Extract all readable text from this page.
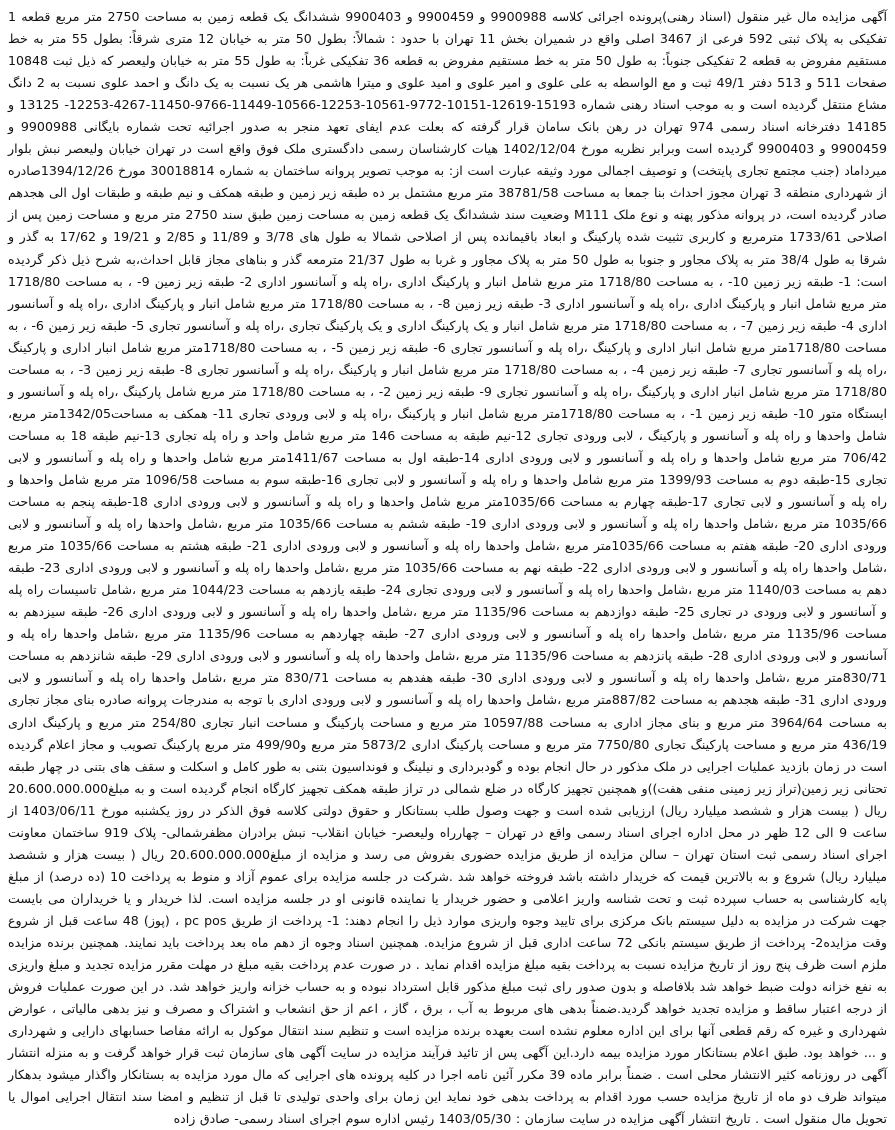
آگهی مزایده مال غیر منقول (اسناد رهنی)پرونده اجرائی کلاسه 9900988 و 9900459 و 9900403 ششدانگ یک قطعه زمین به مساحت 2750 متر مربع قطعه 1 تفکیکی به پلاک ثبتی 592 فرعی از 3467 اصلی واقع در شمیران بخش 11 تهران با حدود : شمالاً: بطول 50 متر به خیابان 12 متری شرقاً: بطول 55 متر به خط مستقیم مفروض به قطعه 2 تفکیکی جنوباً: به طول 50 متر به خط مستقیم مفروض به قطعه 36 تفکیکی غرباً: به طول 55 متر به خیابان ولیعصر که ذیل ثبت 10848 صفحات 511 و 513 دفتر 49/1 ثبت و مع الواسطه به علی علوی و امیر علوی و امید علوی و میترا هاشمی هر یک نسبت به یک دانگ و احمد علوی نسبت به 2 دانگ مشاع منتقل گردیده است و به موجب اسناد رهنی شماره 15193-12619-10151-9772-10561-12253-10566-11449-9766-11450-4267-12253- 13125 و 14185 دفترخانه اسناد رسمی 974 تهران در رهن بانک سامان قرار گرفته که بعلت عدم ایفای تعهد منجر به صدور اجرائیه تحت شماره بایگانی 9900988 و 9900459 و 9900403 گردیده است وبرابر نظریه مورخ 1402/12/04 هیات کارشناسان رسمی دادگستری ملک فوق واقع است در تهران خیابان ولیعصر نبش بلوار میرداماد (جنب مجتمع تجاری پایتخت) و توصیف اجمالی مورد وثیقه عبارت است از: به موجب تصویر پروانه ساختمان به شماره 30018814 مورخ 1394/12/26صادره از شهرداری منطقه 3 تهران مجوز احداث بنا جمعا به مساحت 38781/58 متر مربع مشتمل بر ده طبقه زیر زمین و طبقه همکف و نیم طبقه و طبقات اول الی هجدهم صادر گردیده است، در پروانه مذکور پهنه و نوع ملک M111 وضعیت سند ششدانگ یک قطعه زمین به مساحت زمین طبق سند 2750 متر مربع و مساحت زمین پس از اصلاحی 1733/61 مترمربع و کاربری تثبیت شده پارکینگ و ابعاد باقیمانده پس از اصلاحی شمالا به طول های 3/78 و 11/89 و 2/85 و 19/21 و 17/62 به گذر و شرقا به طول 38/4 متر به پلاک مجاور و جنوبا به طول 50 متر به پلاک مجاور و غربا به طول 21/37 مترمعه گذر و بناهای مجاز قابل احداث،به شرح ذیل ذکر گردیده است: 1- طبقه زیر زمین 10- ، به مساحت 1718/80 متر مربع شامل انبار و پارکینگ اداری ،راه پله و آسانسور اداری 2- طبقه زیر زمین 9- ، به مساحت 1718/80 متر مربع شامل انبار و پارکینگ اداری ،راه پله و آسانسور اداری 3- طبقه زیر زمین 8- ، به مساحت 1718/80 متر مربع شامل انبار و پارکینگ اداری ،راه پله و آسانسور اداری 4- طبقه زیر زمین 7- ، به مساحت 1718/80 متر مربع شامل انبار و یک پارکینگ اداری و یک پارکینگ تجاری ،راه پله و آسانسور تجاری 5- طبقه زیر زمین 6- ، به مساحت 1718/80متر مربع شامل انبار اداری و پارکینگ ،راه پله و آسانسور تجاری 6- طبقه زیر زمین 5- ، به مساحت 1718/80متر مربع شامل انبار اداری و پارکینگ ،راه پله و آسانسور تجاری 7- طبقه زیر زمین 4- ، به مساحت 1718/80 متر مربع شامل انبار و پارکینگ ،راه پله و آسانسور تجاری 8- طبقه زیر زمین 3- ، به مساحت 1718/80 متر مربع شامل انبار اداری و پارکینگ ،راه پله و آسانسور تجاری 9- طبقه زیر زمین 2- ، به مساحت 1718/80 متر مربع شامل پارکینگ ،راه پله و آسانسور و ایستگاه متور 10- طبقه زیر زمین 1- ، به مساحت 1718/80متر مربع شامل انبار و پارکینگ ،راه پله و لابی ورودی تجاری 11- همکف به مساحت1342/05متر مربع، شامل واحدها و راه پله و آسانسور و پارکینگ ، لابی ورودی تجاری 12-نیم طبقه به مساحت 146 متر مربع شامل واحد و راه پله تجاری 13-نیم طبقه 18 به مساحت 706/42 متر مربع شامل واحدها و راه پله و آسانسور و لابی ورودی اداری 14-طبقه اول به مساحت 1411/67متر مربع شامل واحدها و راه پله و آسانسور و لابی تجاری 15-طبقه دوم به مساحت 1399/93 متر مربع شامل واحدها و راه پله و آسانسور و لابی تجاری 16-طبقه سوم به مساحت 1096/58 متر مربع شامل واحدها و راه پله و آسانسور و لابی تجاری 17-طبقه چهارم به مساحت 1035/66متر مربع شامل واحدها و راه پله و آسانسور و لابی ورودی اداری 18-طبقه پنجم به مساحت 1035/66 متر مربع ،شامل واحدها راه پله و آسانسور و لابی ورودی اداری 19- طبقه ششم به مساحت 1035/66 متر مربع ،شامل واحدها راه پله و آسانسور و لابی ورودی اداری 20- طبقه هفتم به مساحت 1035/66متر مربع ،شامل واحدها راه پله و آسانسور و لابی ورودی اداری 21- طبقه هشتم به مساحت 1035/66 متر مربع ،شامل واحدها راه پله و آسانسور و لابی ورودی اداری 22- طبقه نهم به مساحت 1035/66 متر مربع ،شامل واحدها راه پله و آسانسور و لابی ورودی اداری 23- طبقه دهم به مساحت 1140/03 متر مربع ،شامل واحدها راه پله و آسانسور و لابی ورودی تجاری 24- طبقه یازدهم به مساحت 1044/23 متر مربع ،شامل تاسیسات راه پله و آسانسور و لابی ورودی در تجاری 25- طبقه دوازدهم به مساحت 1135/96 متر مربع ،شامل واحدها راه پله و آسانسور و لابی ورودی اداری 26- طبقه سیزدهم به مساحت 1135/96 متر مربع ،شامل واحدها راه پله و آسانسور و لابی ورودی اداری 27- طبقه چهاردهم به مساحت 1135/96 متر مربع ،شامل واحدها راه پله و آسانسور و لابی ورودی اداری 28- طبقه پانزدهم به مساحت 1135/96 متر مربع ،شامل واحدها راه پله و آسانسور و لابی ورودی اداری 29- طبقه شانزدهم به مساحت 830/71متر مربع ،شامل واحدها راه پله و آسانسور و لابی ورودی اداری 30- طبقه هفدهم به مساحت 830/71 متر مربع ،شامل واحدها راه پله و آسانسور و لابی ورودی اداری 31- طبقه هجدهم به مساحت 887/82متر مربع ،شامل واحدها راه پله و آسانسور و لابی ورودی اداری با توجه به مندرجات پروانه صادره بنای مجاز تجاری به مساحت 3964/64 متر مربع و بنای مجاز اداری به مساحت 10597/88 متر مربع و مساحت پارکینگ و مساحت انبار تجاری 254/80 متر مربع و پارکینگ اداری 436/19 متر مربع و مساحت پارکینگ تجاری 7750/80 متر مربع و مساحت پارکینگ اداری 5873/2 متر مربع و499/90 متر مربع پارکینگ تصویب و مجاز اعلام گردیده است در زمان بازدید عملیات اجرایی در ملک مذکور در حال انجام بوده و گودبرداری و نیلینگ و فونداسیون بتنی به طور کامل و اسکلت و سقف های بتنی در چهار طبقه تحتانی زیر زمین(تراز زیر زمینی منفی هفت))و همچنین تجهیز کارگاه در ضلع شمالی در تراز طبقه همکف تجهیز کارگاه انجام گردیده است و به مبلغ20.600.000.000 ریال ( بیست هزار و ششصد میلیارد ریال) ارزیابی شده است و جهت وصول طلب بستانکار و حقوق دولتی کلاسه فوق الذکر در روز یکشنبه مورخ 1403/06/11 از ساعت 9 الی 12 ظهر در محل اداره اجرای اسناد رسمی واقع در تهران – چهارراه ولیعصر- خیابان انقلاب- نبش برادران مظفرشمالی- پلاک 919 ساختمان معاونت اجرای اسناد رسمی ثبت استان تهران – سالن مزایده از طریق مزایده حضوری بفروش می رسد و مزایده از مبلغ20.600.000.000 ریال ( بیست هزار و ششصد میلیارد ریال) شروع و به بالاترین قیمت که خریدار داشته باشد فروخته خواهد شد .شرکت در جلسه مزایده برای عموم آزاد و منوط به پرداخت 10 (ده درصد) از مبلغ پایه کارشناسی به حساب سپرده ثبت و تحت شناسه واریز اعلامی و حضور خریدار یا نماینده قانونی او در جلسه مزایده است. لذا خریدار و یا خریداران می بایست جهت شرکت در مزایده به دلیل سیستم بانک مرکزی برای تایید وجوه واریزی موارد ذیل را انجام دهند: 1- پرداخت از طریق pc pos ، (پوز) 48 ساعت قبل از شروع وقت مزایده2- پرداخت از طریق سیستم بانکی 72 ساعت اداری قبل از شروع مزایده. همچنین اسناد وجوه از دهم ماه بعد پرداخت باید نمایند. همچنین برنده مزایده ملزم است ظرف پنج روز از تاریخ مزایده نسبت به پرداخت بقیه مبلغ مزایده اقدام نماید . در صورت عدم پرداخت بقیه مبلغ در مهلت مقرر مزایده تجدید و مبلغ واریزی به نفع خزانه دولت ضبط خواهد شد بلافاصله و بدون صدور رای ثبت مبلغ مذکور قابل استرداد نبوده و به حساب خزانه واریز خواهد شد. در این صورت عملیات فروش از درجه اعتبار ساقط و مزایده تجدید خواهد گردید.ضمناً بدهی های مربوط به آب ، برق ، گاز ، اعم از حق انشعاب و اشتراک و مصرف و نیز بدهی مالیاتی ، عوارض شهرداری و غیره که رقم قطعی آنها برای این اداره معلوم نشده است بعهده برنده مزایده است و تنظیم سند انتقال موکول به ارائه مفاصا حسابهای دارایی و شهرداری و ... خواهد بود. طبق اعلام بستانکار مورد مزایده بیمه دارد.این آگهی پس از تائید فرآیند مزایده در سایت آگهی های سازمان ثبت قرار خواهد گرفت و به منزله انتشار آگهی در روزنامه کثیر الانتشار محلی است . ضمناً برابر ماده 39 مکرر آئین نامه اجرا در کلیه پرونده های اجرایی که مال مورد مزایده به بستانکار واگذار میشود بدهکار میتواند ظرف دو ماه از تاریخ مزایده حسب مورد اقدام به پرداخت بدهی خود نماید این زمان برای واحدی تولیدی تا قبل از تنظیم و امضا سند انتقال اجرایی اموال یا تحویل مال منقول است . تاریخ انتشار آگهی مزایده در سایت سازمان : 1403/05/30 رئیس اداره سوم اجرای اسناد رسمی- صادق زاده
